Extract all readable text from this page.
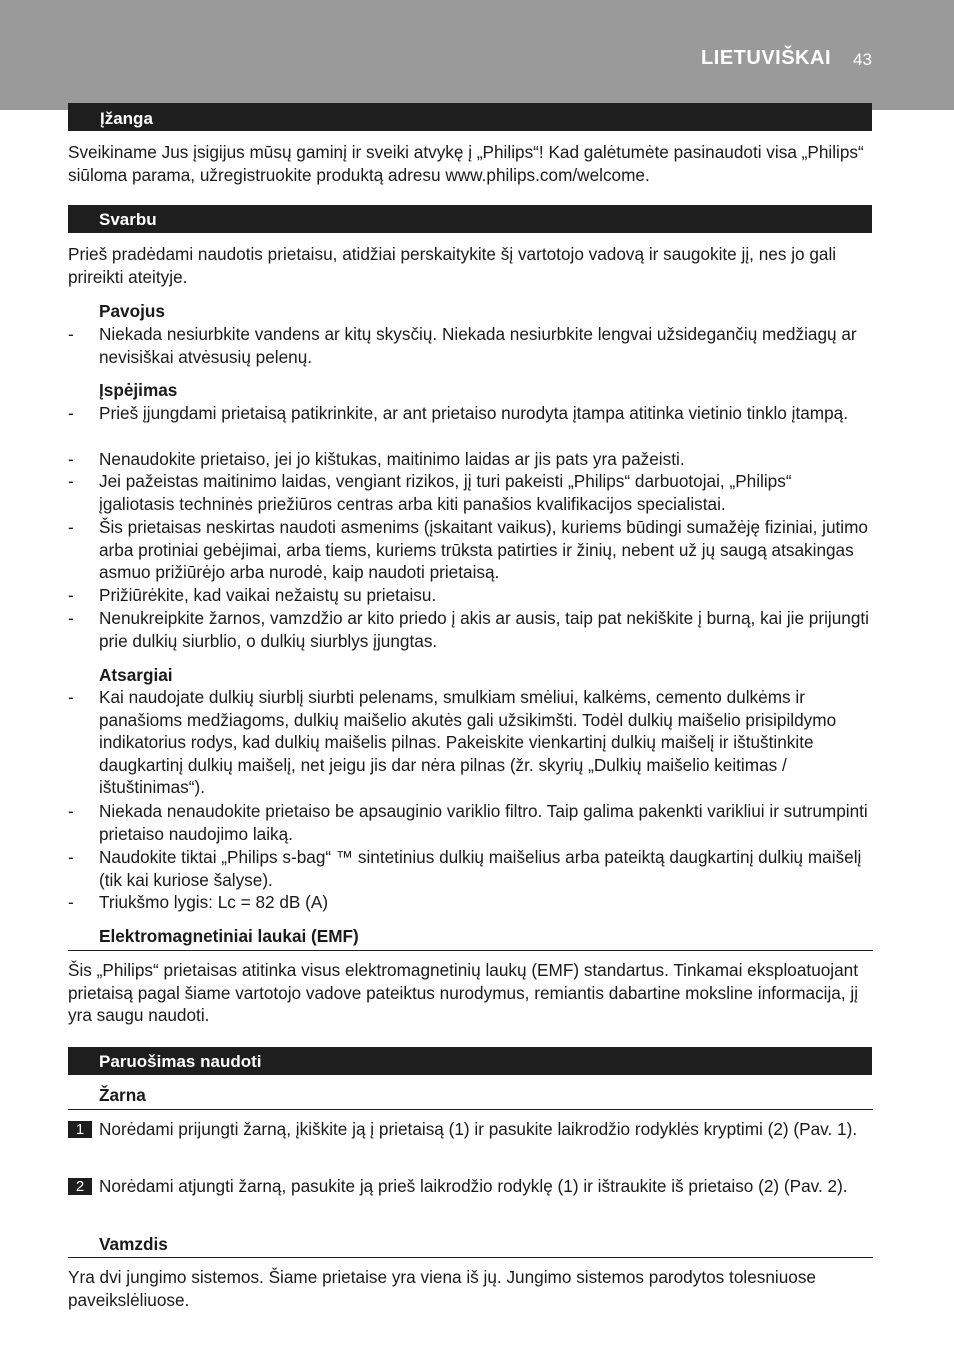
LIETUVIŠKAI 43
Įžanga
Sveikiname Jus įsigijus mūsų gaminį ir sveiki atvykę į „Philips“! Kad galėtumėte pasinaudoti visa „Philips“ siūloma parama, užregistruokite produktą adresu www.philips.com/welcome.
Svarbu
Prieš pradėdami naudotis prietaisu, atidžiai perskaitykite šį vartotojo vadovą ir saugokite jį, nes jo gali prireikti ateityje.
Pavojus
- Niekada nesiurbkite vandens ar kitų skysčių. Niekada nesiurbkite lengvai užsidegančių medžiagų ar nevisiškai atvėsusių pelenų.
Įspėjimas
- Prieš įjungdami prietaisą patikrinkite, ar ant prietaiso nurodyta įtampa atitinka vietinio tinklo įtampą.
- Nenaudokite prietaiso, jei jo kištukas, maitinimo laidas ar jis pats yra pažeisti.
- Jei pažeistas maitinimo laidas, vengiant rizikos, jį turi pakeisti „Philips“ darbuotojai, „Philips“ įgaliotasis techninės priežiūros centras arba kiti panašios kvalifikacijos specialistai.
- Šis prietaisas neskirtas naudoti asmenims (įskaitant vaikus), kuriems būdingi sumažėję fiziniai, jutimo arba protiniai gebėjimai, arba tiems, kuriems trūksta patirties ir žinių, nebent už jų saugą atsakingas asmuo prižiūrėjo arba nurodė, kaip naudoti prietaisą.
- Prižiūrėkite, kad vaikai nežaistų su prietaisu.
- Nenukreipkite žarnos, vamzdžio ar kito priedo į akis ar ausis, taip pat nekiškite į burną, kai jie prijungti prie dulkių siurblio, o dulkių siurblys įjungtas.
Atsargiai
- Kai naudojate dulkių siurblį siurbti pelenams, smulkiam smėliui, kalkėms, cemento dulkėms ir panašioms medžiagoms, dulkių maišelio akutės gali užsikimšti. Todėl dulkių maišelio prisipildymo indikatorius rodys, kad dulkių maišelis pilnas. Pakeiskite vienkartinį dulkių maišelį ir ištuštinkite daugkartinį dulkių maišelį, net jeigu jis dar nėra pilnas (žr. skyrių „Dulkių maišelio keitimas / ištuštinimas“).
- Niekada nenaudokite prietaiso be apsauginio variklio filtro. Taip galima pakenkti varikliui ir sutrumpinti prietaiso naudojimo laiką.
- Naudokite tiktai „Philips s-bag“ ™ sintetinius dulkių maišelius arba pateiktą daugkartinį dulkių maišelį (tik kai kuriose šalyse).
- Triukšmo lygis: Lc = 82 dB (A)
Elektromagnetiniai laukai (EMF)
Šis „Philips“ prietaisas atitinka visus elektromagnetinių laukų (EMF) standartus. Tinkamai eksploatuojant prietaisą pagal šiame vartotojo vadove pateiktus nurodymus, remiantis dabartine moksline informacija, jį yra saugu naudoti.
Paruošimas naudoti
Žarna
1 Norėdami prijungti žarną, įkiškite ją į prietaisą (1) ir pasukite laikrodžio rodyklės kryptimi (2) (Pav. 1).
2 Norėdami atjungti žarną, pasukite ją prieš laikrodžio rodyklę (1) ir ištraukite iš prietaiso (2) (Pav. 2).
Vamzdis
Yra dvi jungimo sistemos. Šiame prietaise yra viena iš jų. Jungimo sistemos parodytos tolesniuose paveikslėliuose.
